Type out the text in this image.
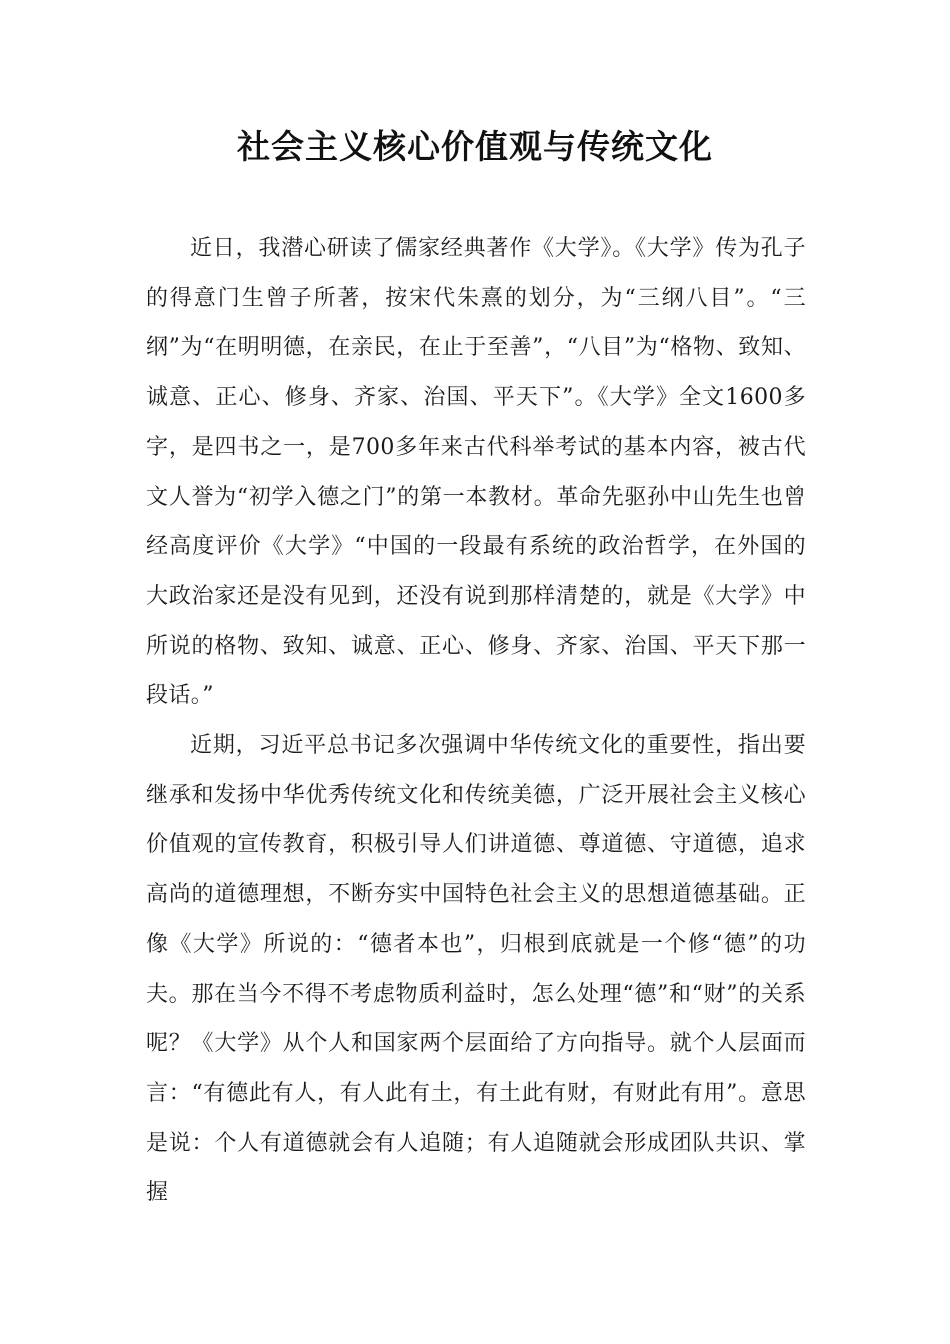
社会主义核心价值观与传统文化

近日，我潜心研读了儒家经典著作《大学》。《大学》传为孔子的得意门生曾子所著，按宋代朱熹的划分，为“三纲八目”。“三纲”为“在明明德，在亲民，在止于至善”，“八目”为“格物、致知、诚意、正心、修身、齐家、治国、平天下”。《大学》全文1600多字，是四书之一，是700多年来古代科举考试的基本内容，被古代文人誉为“初学入德之门”的第一本教材。革命先驱孙中山先生也曾经高度评价《大学》“中国的一段最有系统的政治哲学，在外国的大政治家还是没有见到，还没有说到那样清楚的，就是《大学》中所说的格物、致知、诚意、正心、修身、齐家、治国、平天下那一段话。”

近期，习近平总书记多次强调中华传统文化的重要性，指出要继承和发扬中华优秀传统文化和传统美德，广泛开展社会主义核心价值观的宣传教育，积极引导人们讲道德、尊道德、守道德，追求高尚的道德理想，不断夯实中国特色社会主义的思想道德基础。正像《大学》所说的：“德者本也”，归根到底就是一个修“德”的功夫。那在当今不得不考虑物质利益时，怎么处理“德”和“财”的关系呢？《大学》从个人和国家两个层面给了方向指导。就个人层面而言：“有德此有人，有人此有土，有土此有财，有财此有用”。意思是说：个人有道德就会有人追随；有人追随就会形成团队共识、掌握
